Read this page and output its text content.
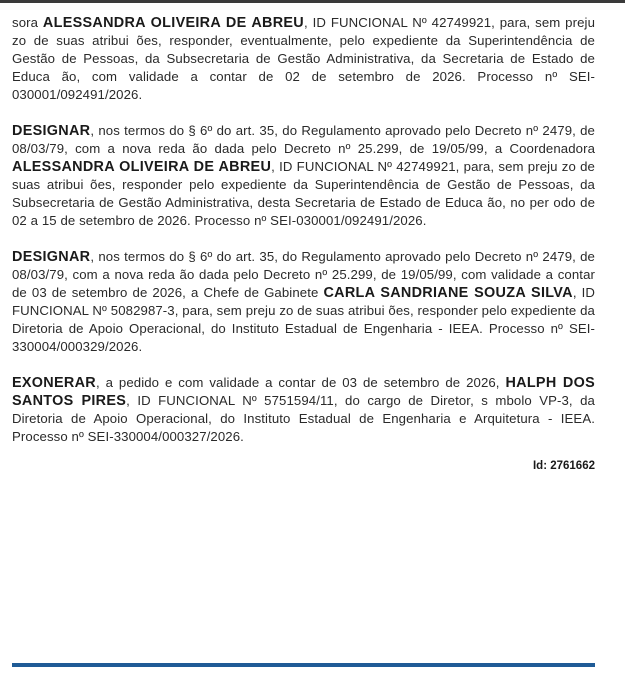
sora ALESSANDRA OLIVEIRA DE ABREU, ID FUNCIONAL Nº 42749921, para, sem preju zo de suas atribui ões, responder, eventualmente, pelo expediente da Superintendência de Gestão de Pessoas, da Subsecretaria de Gestão Administrativa, da Secretaria de Estado de Educa ão, com validade a contar de 02 de setembro de 2026. Processo nº SEI-030001/092491/2026.

DESIGNAR, nos termos do § 6º do art. 35, do Regulamento aprovado pelo Decreto nº 2479, de 08/03/79, com a nova reda ão dada pelo Decreto nº 25.299, de 19/05/99, a Coordenadora ALESSANDRA OLIVEIRA DE ABREU, ID FUNCIONAL Nº 42749921, para, sem preju zo de suas atribui ões, responder pelo expediente da Superintendência de Gestão de Pessoas, da Subsecretaria de Gestão Administrativa, desta Secretaria de Estado de Educa ão, no per odo de 02 a 15 de setembro de 2026. Processo nº SEI-030001/092491/2026.

DESIGNAR, nos termos do § 6º do art. 35, do Regulamento aprovado pelo Decreto nº 2479, de 08/03/79, com a nova reda ão dada pelo Decreto nº 25.299, de 19/05/99, com validade a contar de 03 de setembro de 2026, a Chefe de Gabinete CARLA SANDRIANE SOUZA SILVA, ID FUNCIONAL Nº 5082987-3, para, sem preju zo de suas atribui ões, responder pelo expediente da Diretoria de Apoio Operacional, do Instituto Estadual de Engenharia - IEEA. Processo nº SEI-330004/000329/2026.

EXONERAR, a pedido e com validade a contar de 03 de setembro de 2026, HALPH DOS SANTOS PIRES, ID FUNCIONAL Nº 5751594/11, do cargo de Diretor, s mbolo VP-3, da Diretoria de Apoio Operacional, do Instituto Estadual de Engenharia e Arquitetura - IEEA. Processo nº SEI-330004/000327/2026.

Id: 2761662
